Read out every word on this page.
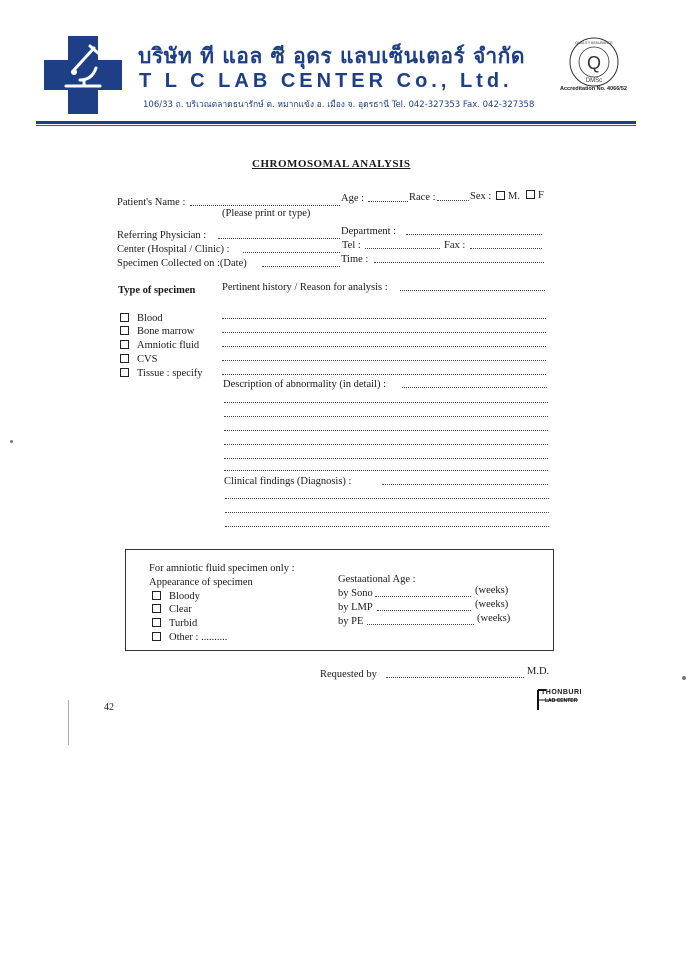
บริษัท ที แอล ซี อุดร แลบเซ็นเตอร์ จำกัด
T L C LAB CENTER Co., Ltd.
106/33 ถ. บริเวณตลาดธนารักษ์ ต. หมากแข้ง อ. เมือง จ. อุดรธานี Tel. 042-327353 Fax. 042-327358
Q
DMSc
QUALITY ASSURANCE
Accreditation No. 4066/52
CHROMOSOMAL ANALYSIS
Patient's Name :	Age :	Race :	Sex :	M.	F
(Please print or type)
Referring Physician :	Department :
Center (Hospital / Clinic) :	Tel :	Fax :
Specimen Collected on :(Date)	Time :
Type of specimen	Pertinent history / Reason for analysis :
Blood
Bone marrow
Amniotic fluid
CVS
Tissue : specify
Description of abnormality (in detail) :
Clinical findings (Diagnosis) :
For amniotic fluid specimen only :
Appearance of specimen
Bloody
Clear
Turbid
Other : ..........
Gestaational Age :
by Sono	(weeks)
by LMP	(weeks)
by PE	(weeks)
Requested by	M.D.
THONBURI
LAB CENTER
42
